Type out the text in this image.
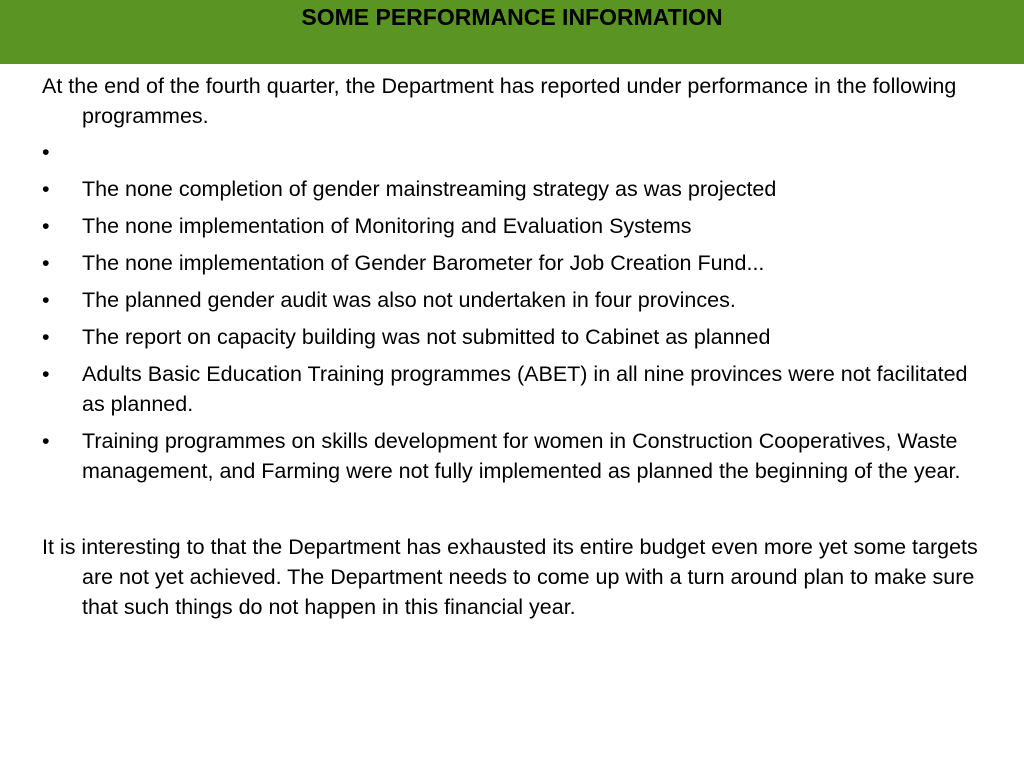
SOME PERFORMANCE INFORMATION

At the end of the fourth quarter, the Department has reported under performance in the following programmes.

•
• The none completion of gender mainstreaming strategy as was projected
• The none implementation of Monitoring and Evaluation Systems
• The none implementation of Gender Barometer for Job Creation Fund...
• The planned gender audit was also not undertaken in four provinces.
• The report on capacity building was not submitted to Cabinet as planned
• Adults Basic Education Training programmes (ABET) in all nine provinces were not facilitated as planned.
• Training programmes on skills development for women in Construction Cooperatives, Waste management, and Farming were not fully implemented as planned the beginning of the year.

It is interesting to that the Department has exhausted its entire budget even more yet some targets are not yet achieved. The Department needs to come up with a turn around plan to make sure that such things do not happen in this financial year.
